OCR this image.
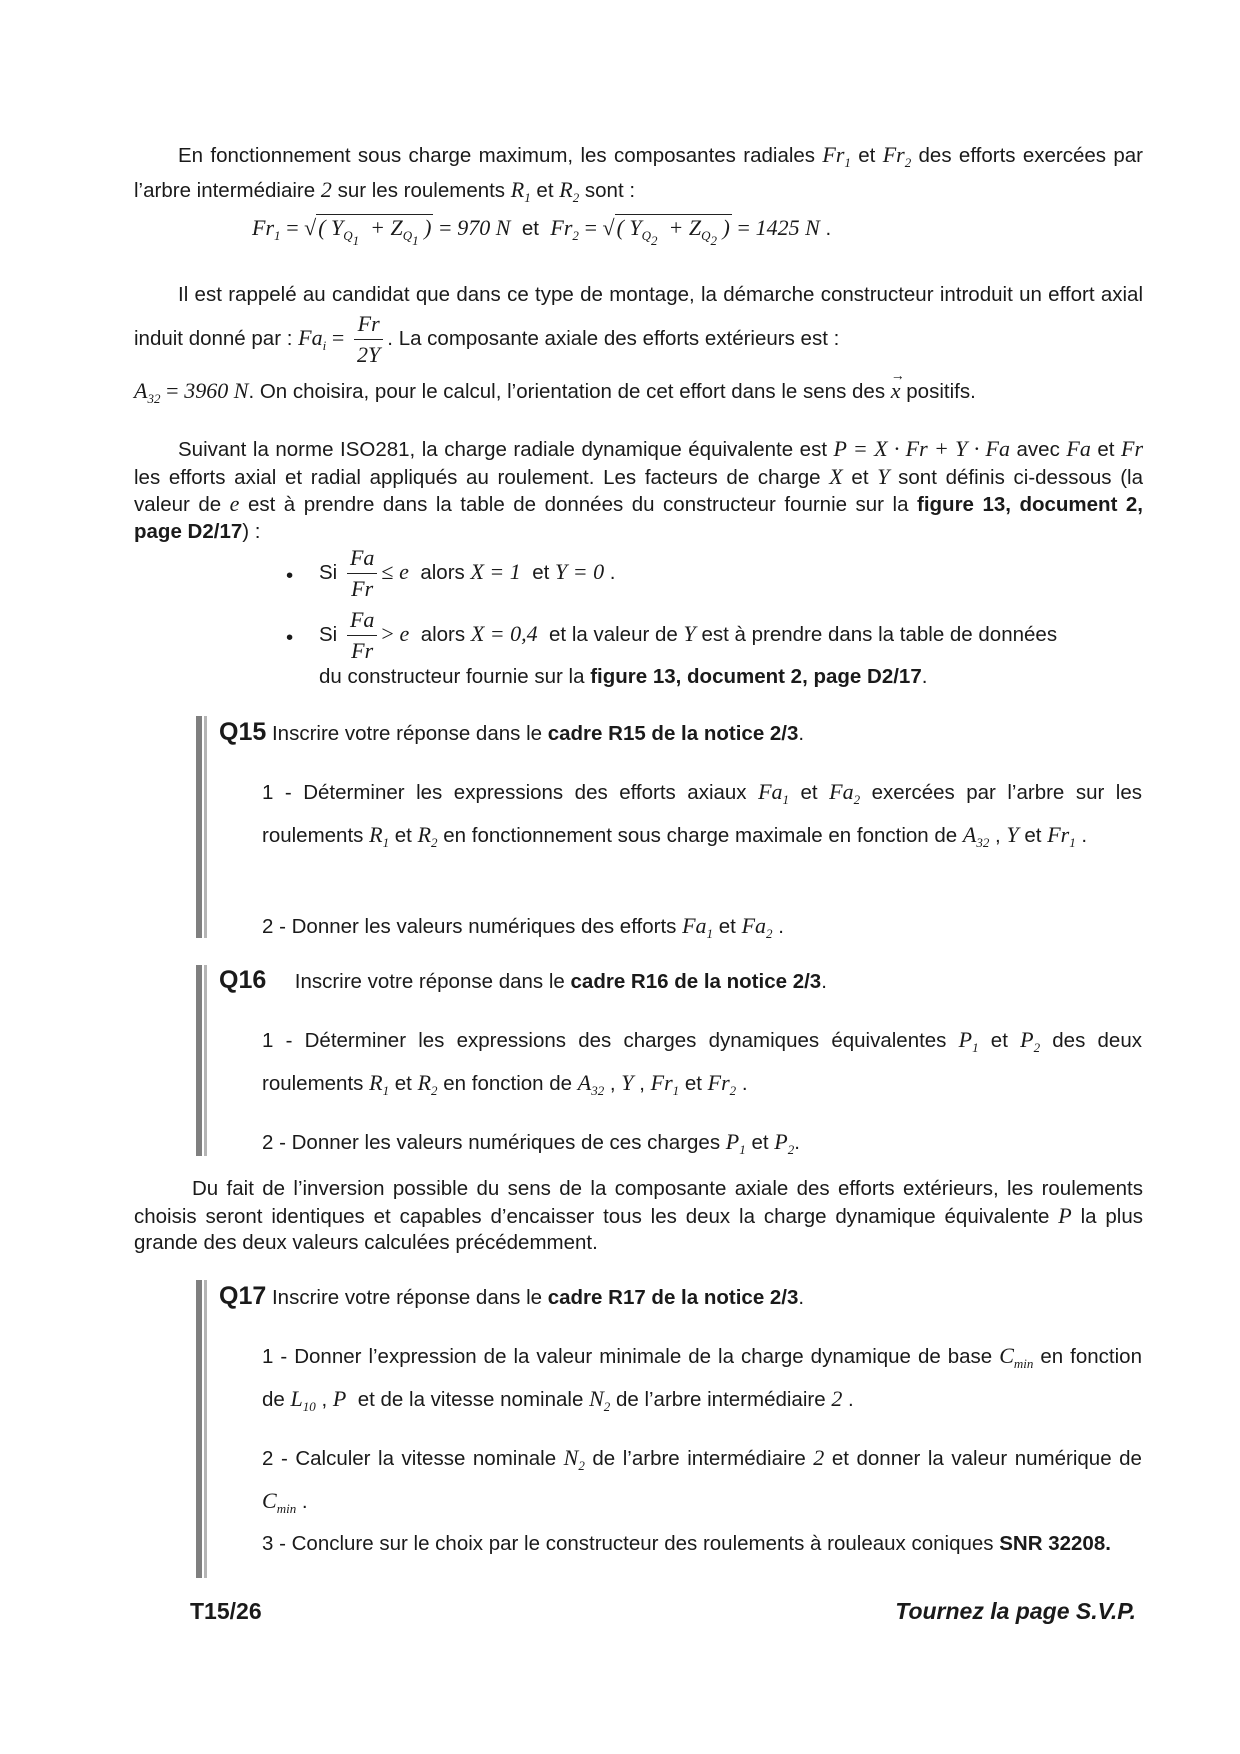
En fonctionnement sous charge maximum, les composantes radiales $Fr_1$ et $Fr_2$ des efforts exercées par l’arbre intermédiaire 2 sur les roulements $R_1$ et $R_2$ sont :
$Fr_1$ = √( $Y_{Q_1} + Z_{Q_1}$ ) = 970 N et $Fr_2$ = √( $Y_{Q_2} + Z_{Q_2}$ ) = 1425 N .
Il est rappelé au candidat que dans ce type de montage, la démarche constructeur introduit un effort axial induit donné par : $Fa_i = \frac{Fr}{2Y}$ . La composante axiale des efforts extérieurs est :
$A_{32} = 3960$ N. On choisira, pour le calcul, l’orientation de cet effort dans le sens des x
→
positifs.
Suivant la norme ISO281, la charge radiale dynamique équivalente est P = X · Fr + Y · Fa avec Fa et Fr les efforts axial et radial appliqués au roulement. Les facteurs de charge X et Y sont définis ci-dessous (la valeur de e est à prendre dans la table de données du constructeur fournie sur la figure 13, document 2, page D2/17) :
• Si $\frac{Fa}{Fr} \le e$ alors X = 1 et Y = 0 .
• Si $\frac{Fa}{Fr} > e$ alors X = 0,4 et la valeur de Y est à prendre dans la table de données
du constructeur fournie sur la figure 13, document 2, page D2/17.
Q15 Inscrire votre réponse dans le cadre R15 de la notice 2/3.
1 - Déterminer les expressions des efforts axiaux $Fa_1$ et $Fa_2$ exercées par l’arbre sur les roulements $R_1$ et $R_2$ en fonctionnement sous charge maximale en fonction de $A_{32}$ , Y et $Fr_1$ .
2 - Donner les valeurs numériques des efforts $Fa_1$ et $Fa_2$ .
Q16 Inscrire votre réponse dans le cadre R16 de la notice 2/3.
1 - Déterminer les expressions des charges dynamiques équivalentes $P_1$ et $P_2$ des deux roulements $R_1$ et $R_2$ en fonction de $A_{32}$ , Y , $Fr_1$ et $Fr_2$ .
2 - Donner les valeurs numériques de ces charges $P_1$ et $P_2$.
Du fait de l’inversion possible du sens de la composante axiale des efforts extérieurs, les roulements choisis seront identiques et capables d’encaisser tous les deux la charge dynamique équivalente P la plus grande des deux valeurs calculées précédemment.
Q17 Inscrire votre réponse dans le cadre R17 de la notice 2/3.
1 - Donner l’expression de la valeur minimale de la charge dynamique de base $C_{min}$ en fonction de $L_{10}$ , P et de la vitesse nominale $N_2$ de l’arbre intermédiaire 2 .
2 - Calculer la vitesse nominale $N_2$ de l’arbre intermédiaire 2 et donner la valeur numérique de $C_{min}$ .
3 - Conclure sur le choix par le constructeur des roulements à rouleaux coniques SNR 32208.
T15/26	Tournez la page S.V.P.
